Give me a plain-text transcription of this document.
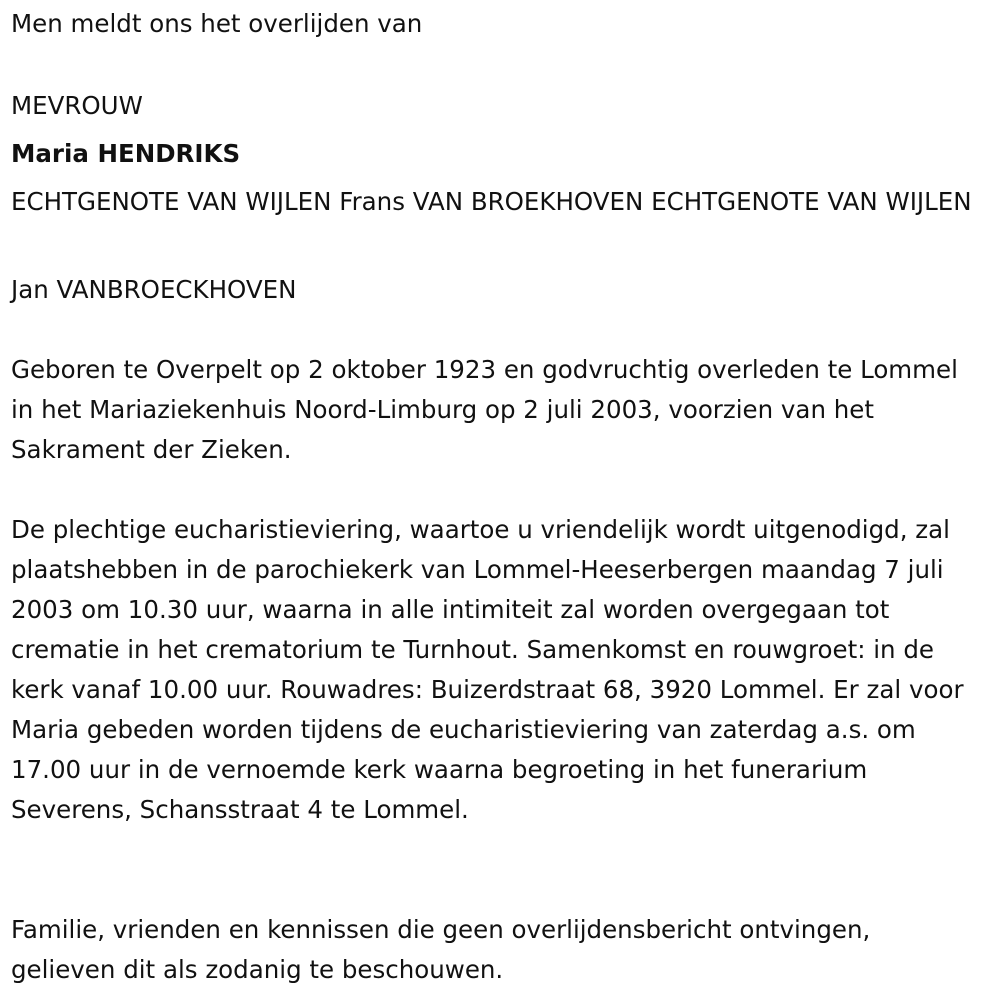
Men meldt ons het overlijden van
MEVROUW
Maria HENDRIKS
ECHTGENOTE VAN WIJLEN Frans VAN BROEKHOVEN ECHTGENOTE VAN WIJLEN
Jan VANBROECKHOVEN
Geboren te Overpelt op 2 oktober 1923 en godvruchtig overleden te Lommel in het Mariaziekenhuis Noord-Limburg op 2 juli 2003, voorzien van het Sakrament der Zieken.
De plechtige eucharistieviering, waartoe u vriendelijk wordt uitgenodigd, zal plaatshebben in de parochiekerk van Lommel-Heeserbergen maandag 7 juli 2003 om 10.30 uur, waarna in alle intimiteit zal worden overgegaan tot crematie in het crematorium te Turnhout. Samenkomst en rouwgroet: in de kerk vanaf 10.00 uur. Rouwadres: Buizerdstraat 68, 3920 Lommel. Er zal voor Maria gebeden worden tijdens de eucharistieviering van zaterdag a.s. om 17.00 uur in de vernoemde kerk waarna begroeting in het funerarium Severens, Schansstraat 4 te Lommel.
Familie, vrienden en kennissen die geen overlijdensbericht ontvingen, gelieven dit als zodanig te beschouwen.
